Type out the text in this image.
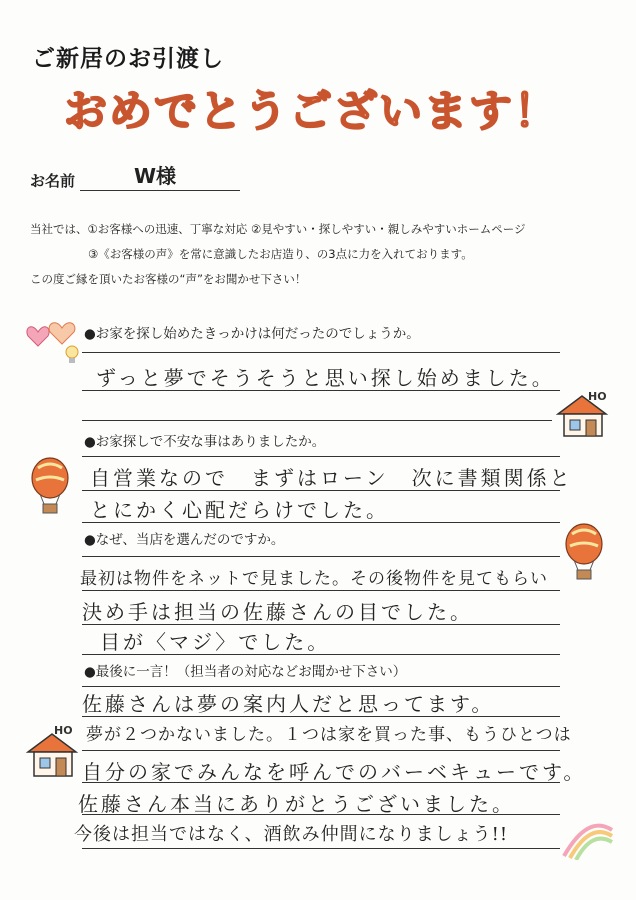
ご新居のお引渡し
おめでとうございます！
お名前	W様
当社では、①お客様への迅速、丁寧な対応 ②見やすい・探しやすい・親しみやすいホームページ
③《お客様の声》を常に意識したお店造り、の3点に力を入れております。
この度ご縁を頂いたお客様の“声”をお聞かせ下さい！
●お家を探し始めたきっかけは何だったのでしょうか。
ずっと夢でそうそうと思い探し始めました。
●お家探しで不安な事はありましたか。
自営業なので　まずはローン　次に書類関係と
とにかく心配だらけでした。
●なぜ、当店を選んだのですか。
最初は物件をネットで見ました。その後物件を見てもらい
決め手は担当の佐藤さんの目でした。
目が〈マジ〉でした。
●最後に一言！（担当者の対応などお聞かせ下さい）
佐藤さんは夢の案内人だと思ってます。
夢が２つかないました。１つは家を買った事、もうひとつは
自分の家でみんなを呼んでのバーベキューです。
佐藤さん本当にありがとうございました。
今後は担当ではなく、酒飲み仲間になりましょう!!
HO
HO
